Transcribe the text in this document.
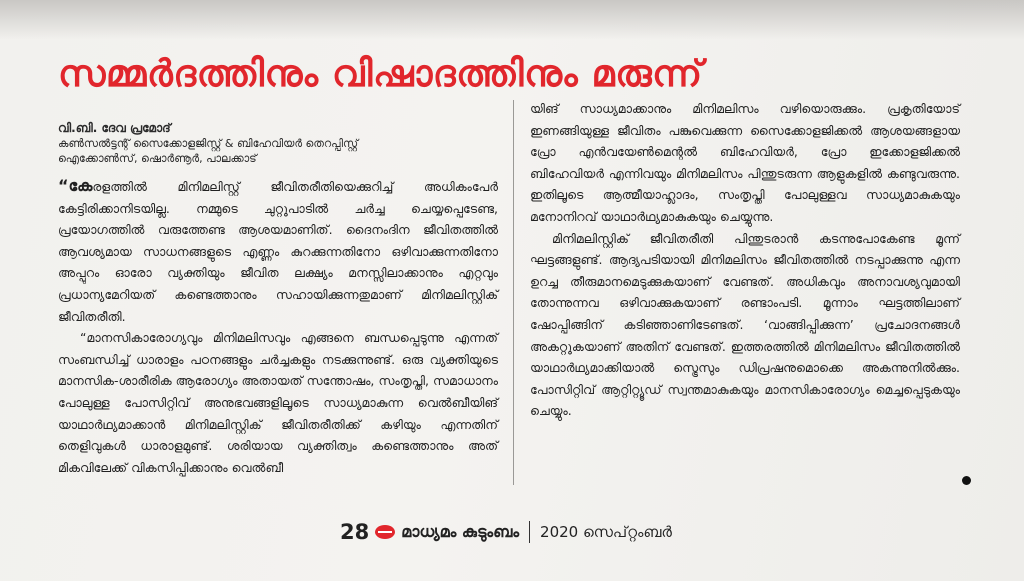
സമ്മർദത്തിനും വിഷാദത്തിനും മരുന്ന്
വി.ബി. ദേവ പ്രമോദ്
കൺസൽട്ടന്റ് സൈക്കോളജിസ്റ്റ് & ബിഹേവിയർ തെറപ്പിസ്റ്റ്
ഐക്കോൺസ്, ഷൊർണൂർ, പാലക്കാട്

“കേരളത്തിൽ മിനിമലിസ്റ്റ് ജീവിതരീതിയെക്കുറിച്ച് അധികംപേർ കേട്ടിരിക്കാനിടയില്ല. നമ്മുടെ ചുറ്റുപാടിൽ ചർച്ച ചെയ്യപ്പെടേണ്ട, പ്രയോഗത്തിൽ വരുത്തേണ്ട ആശയമാണിത്. ദൈനംദിന ജീവിതത്തിൽ ആവശ്യമായ സാധനങ്ങളുടെ എണ്ണം കുറക്കുന്നതിനോ ഒഴിവാക്കുന്നതിനോ അപ്പുറം ഓരോ വ്യക്തിയും ജീവിത ലക്ഷ്യം മനസ്സിലാക്കാനും എറ്റവും പ്രധാന്യമേറിയത് കണ്ടെത്താനും സഹായിക്കുന്നതുമാണ് മിനിമലിസ്റ്റിക് ജീവിതരീതി.

“മാനസികാരോഗ്യവും മിനിമലിസവും എങ്ങനെ ബന്ധപ്പെടുന്നു എന്നത് സംബന്ധിച്ച് ധാരാളം പഠനങ്ങളും ചർച്ചകളും നടക്കുന്നുണ്ട്. ഒരു വ്യക്തിയുടെ മാനസിക-ശാരീരിക ആരോഗ്യം അതായത് സന്തോഷം, സംതൃപ്തി, സമാധാനം പോലുള്ള പോസിറ്റിവ് അനുഭവങ്ങളിലൂടെ സാധ്യമാകുന്ന വെൽബീയിങ് യാഥാർഥ്യമാക്കാൻ മിനിമലിസ്റ്റിക് ജീവിതരീതിക്ക് കഴിയും എന്നതിന് തെളിവുകൾ ധാരാളമുണ്ട്. ശരിയായ വ്യക്തിത്വം കണ്ടെത്താനും അത് മികവിലേക്ക് വികസിപ്പിക്കാനും വെൽബീ

യിങ് സാധ്യമാക്കാനും മിനിമലിസം വഴിയൊരുക്കും. പ്രകൃതിയോട് ഇണങ്ങിയുള്ള ജീവിതം പങ്കുവെക്കുന്ന സൈക്കോളജിക്കൽ ആശയങ്ങളായ പ്രോ എൻവയേൺമെന്റൽ ബിഹേവിയർ, പ്രോ ഇക്കോളജിക്കൽ ബിഹേവിയർ എന്നിവയും മിനിമലിസം പിന്തുടരുന്ന ആളുകളിൽ കണ്ടുവരുന്നു. ഇതിലൂടെ ആത്മീയാഹ്ലാദം, സംതൃപ്തി പോലുള്ളവ സാധ്യമാകുകയും മനോനിറവ് യാഥാർഥ്യമാകുകയും ചെയ്യുന്നു.

മിനിമലിസ്റ്റിക് ജീവിതരീതി പിന്തുടരാൻ കടന്നുപോകേണ്ട മൂന്ന് ഘട്ടങ്ങളുണ്ട്. ആദ്യപടിയായി മിനിമലിസം ജീവിതത്തിൽ നടപ്പാക്കുന്നു എന്ന ഉറച്ച തീരുമാനമെടുക്കുകയാണ് വേണ്ടത്. അധികവും അനാവശ്യവുമായി തോന്നുന്നവ ഒഴിവാക്കുകയാണ് രണ്ടാംപടി. മൂന്നാം ഘട്ടത്തിലാണ് ഷോപ്പിങ്ങിന് കടിഞ്ഞാണിടേണ്ടത്. ‘വാങ്ങിപ്പിക്കുന്ന’ പ്രചോദനങ്ങൾ അകറ്റുകയാണ് അതിന് വേണ്ടത്. ഇത്തരത്തിൽ മിനിമലിസം ജീവിതത്തിൽ യാഥാർഥ്യമാക്കിയാൽ സ്ട്രെസും ഡിപ്രഷനുമൊക്കെ അകന്നുനിൽക്കും. പോസിറ്റിവ് ആറ്റിറ്റ്യൂഡ് സ്വന്തമാകുകയും മാനസികാരോഗ്യം മെച്ചപ്പെടുകയും ചെയ്യും.

28 മാധ്യമം കുടുംബം 2020 സെപ്റ്റംബർ
